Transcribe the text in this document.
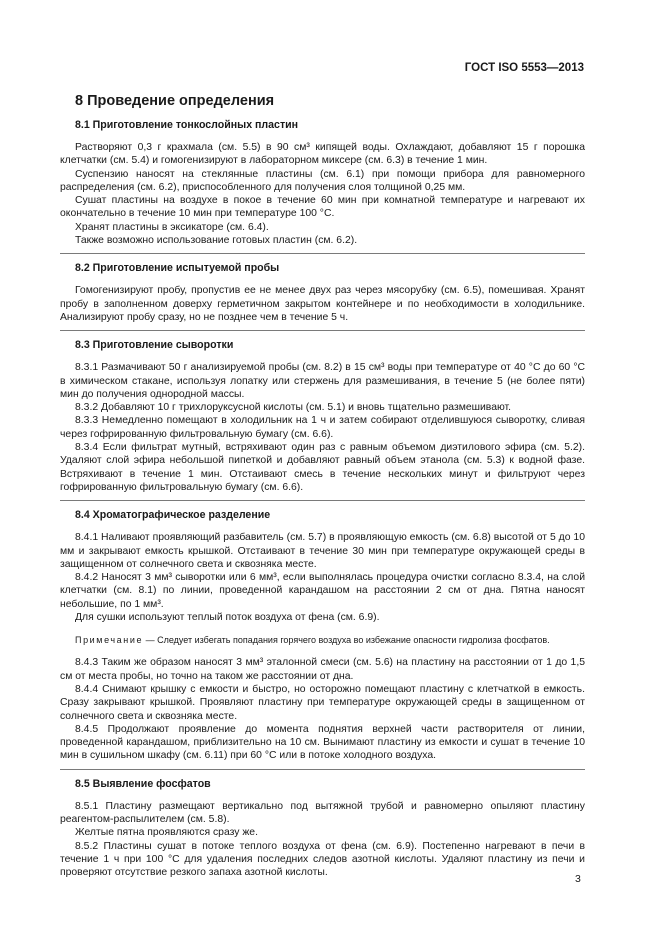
ГОСТ ISO 5553—2013
8 Проведение определения
8.1 Приготовление тонкослойных пластин

Растворяют 0,3 г крахмала (см. 5.5) в 90 см³ кипящей воды. Охлаждают, добавляют 15 г порошка клетчатки (см. 5.4) и гомогенизируют в лабораторном миксере (см. 6.3) в течение 1 мин.

Суспензию наносят на стеклянные пластины (см. 6.1) при помощи прибора для равномерного распределения (см. 6.2), приспособленного для получения слоя толщиной 0,25 мм.

Сушат пластины на воздухе в покое в течение 60 мин при комнатной температуре и нагревают их окончательно в течение 10 мин при температуре 100 °С.

Хранят пластины в эксикаторе (см. 6.4).

Также возможно использование готовых пластин (см. 6.2).

8.2 Приготовление испытуемой пробы

Гомогенизируют пробу, пропустив ее не менее двух раз через мясорубку (см. 6.5), помешивая. Хранят пробу в заполненном доверху герметичном закрытом контейнере и по необходимости в холодильнике. Анализируют пробу сразу, но не позднее чем в течение 5 ч.

8.3 Приготовление сыворотки

8.3.1 Размачивают 50 г анализируемой пробы (см. 8.2) в 15 см³ воды при температуре от 40 °С до 60 °С в химическом стакане, используя лопатку или стержень для размешивания, в течение 5 (не более пяти) мин до получения однородной массы.

8.3.2 Добавляют 10 г трихлоруксусной кислоты (см. 5.1) и вновь тщательно размешивают.

8.3.3 Немедленно помещают в холодильник на 1 ч и затем собирают отделившуюся сыворотку, сливая через гофрированную фильтровальную бумагу (см. 6.6).

8.3.4 Если фильтрат мутный, встряхивают один раз с равным объемом диэтилового эфира (см. 5.2). Удаляют слой эфира небольшой пипеткой и добавляют равный объем этанола (см. 5.3) к водной фазе. Встряхивают в течение 1 мин. Отстаивают смесь в течение нескольких минут и фильтруют через гофрированную фильтровальную бумагу (см. 6.6).

8.4 Хроматографическое разделение

8.4.1 Наливают проявляющий разбавитель (см. 5.7) в проявляющую емкость (см. 6.8) высотой от 5 до 10 мм и закрывают емкость крышкой. Отстаивают в течение 30 мин при температуре окружающей среды в защищенном от солнечного света и сквозняка месте.

8.4.2 Наносят 3 мм³ сыворотки или 6 мм³, если выполнялась процедура очистки согласно 8.3.4, на слой клетчатки (см. 8.1) по линии, проведенной карандашом на расстоянии 2 см от дна. Пятна наносят небольшие, по 1 мм³.

Для сушки используют теплый поток воздуха от фена (см. 6.9).

Примечание — Следует избегать попадания горячего воздуха во избежание опасности гидролиза фосфатов.

8.4.3 Таким же образом наносят 3 мм³ эталонной смеси (см. 5.6) на пластину на расстоянии от 1 до 1,5 см от места пробы, но точно на таком же расстоянии от дна.

8.4.4 Снимают крышку с емкости и быстро, но осторожно помещают пластину с клетчаткой в емкость. Сразу закрывают крышкой. Проявляют пластину при температуре окружающей среды в защищенном от солнечного света и сквозняка месте.

8.4.5 Продолжают проявление до момента поднятия верхней части растворителя от линии, проведенной карандашом, приблизительно на 10 см. Вынимают пластину из емкости и сушат в течение 10 мин в сушильном шкафу (см. 6.11) при 60 °С или в потоке холодного воздуха.

8.5 Выявление фосфатов

8.5.1 Пластину размещают вертикально под вытяжной трубой и равномерно опыляют пластину реагентом-распылителем (см. 5.8).

Желтые пятна проявляются сразу же.

8.5.2 Пластины сушат в потоке теплого воздуха от фена (см. 6.9). Постепенно нагревают в печи в течение 1 ч при 100 °С для удаления последних следов азотной кислоты. Удаляют пластину из печи и проверяют отсутствие резкого запаха азотной кислоты.

3
